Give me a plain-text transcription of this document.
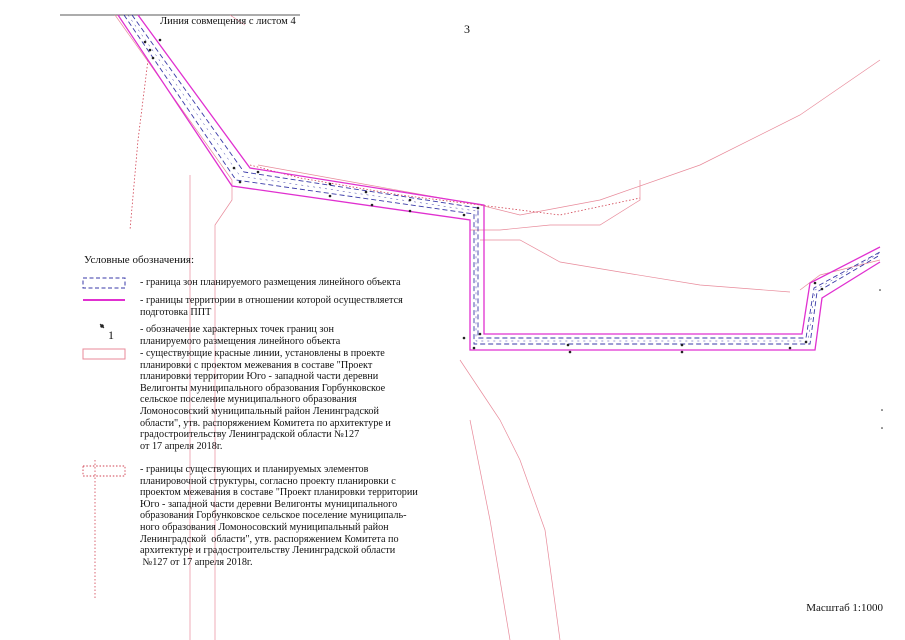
3
Линия совмещения с листом 4
Условные обозначения:
- граница зон планируемого размещения линейного объекта
- границы территории в отношении которой осуществляется
подготовка ППТ
1	- обозначение характерных точек границ зон
планируемого размещения линейного объекта
- существующие красные линии, установлены в проекте
планировки с проектом межевания в составе "Проект
планировки территории Юго - западной части деревни
Велигонты муниципального образования Горбунковское
сельское поселение муниципального образования
Ломоносовский муниципальный район Ленинградской
области", утв. распоряжением Комитета по архитектуре и
градостроительству Ленинградской области №127
от 17 апреля 2018г.
- границы существующих и планируемых элементов
планировочной структуры, согласно проекту планировки с
проектом межевания в составе "Проект планировки территории
Юго - западной части деревни Велигонты муниципального
образования Горбунковское сельское поселение муниципаль-
ного образования Ломоносовский муниципальный район
Ленинградской  области", утв. распоряжением Комитета по
архитектуре и градостроительству Ленинградской области
№127 от 17 апреля 2018г.
Масштаб 1:1000
